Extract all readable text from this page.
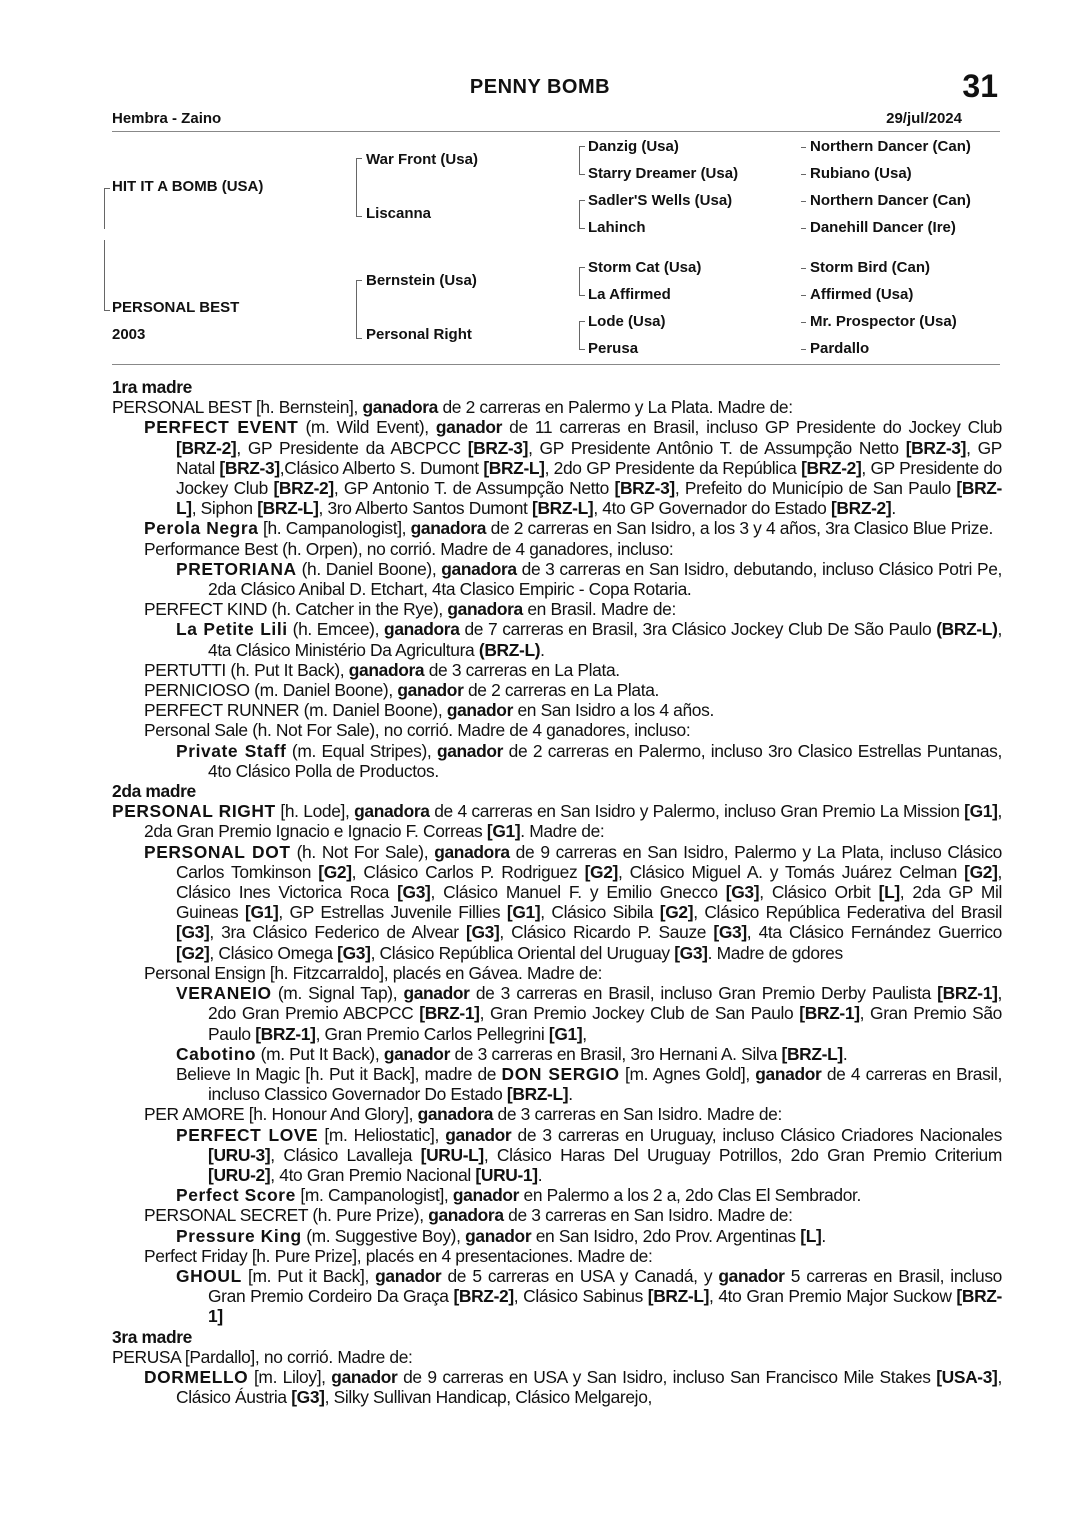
PENNY BOMB	31
Hembra - Zaino	29/jul/2024
HIT IT A BOMB (USA)
PERSONAL BEST
2003
War Front (Usa)
Liscanna
Bernstein (Usa)
Personal Right
Danzig (Usa)
Starry Dreamer (Usa)
Sadler'S Wells (Usa)
Lahinch
Storm Cat (Usa)
La Affirmed
Lode (Usa)
Perusa
Northern Dancer (Can)
Rubiano (Usa)
Northern Dancer (Can)
Danehill Dancer (Ire)
Storm Bird (Can)
Affirmed (Usa)
Mr. Prospector (Usa)
Pardallo
1ra madre

PERSONAL BEST [h. Bernstein], ganadora de 2 carreras en Palermo y La Plata. Madre de:

PERFECT EVENT (m. Wild Event), ganador de 11 carreras en Brasil, incluso GP Presidente do Jockey Club [BRZ-2], GP Presidente da ABCPCC [BRZ-3], GP Presidente Antônio T. de Assumpção Netto [BRZ-3], GP Natal [BRZ-3],Clásico Alberto S. Dumont [BRZ-L], 2do GP Presidente da República [BRZ-2], GP Presidente do Jockey Club [BRZ-2], GP Antonio T. de Assumpção Netto [BRZ-3], Prefeito do Município de San Paulo [BRZ-L], Siphon [BRZ-L], 3ro Alberto Santos Dumont [BRZ-L], 4to GP Governador do Estado [BRZ-2].

Perola Negra [h. Campanologist], ganadora de 2 carreras en San Isidro, a los 3 y 4 años, 3ra Clasico Blue Prize.

Performance Best (h. Orpen), no corrió. Madre de 4 ganadores, incluso:

PRETORIANA (h. Daniel Boone), ganadora de 3 carreras en San Isidro, debutando, incluso Clásico Potri Pe, 2da Clásico Anibal D. Etchart, 4ta Clasico Empiric - Copa Rotaria.

PERFECT KIND (h. Catcher in the Rye), ganadora en Brasil. Madre de:

La Petite Lili (h. Emcee), ganadora de 7 carreras en Brasil, 3ra Clásico Jockey Club De São Paulo (BRZ-L), 4ta Clásico Ministério Da Agricultura (BRZ-L).

PERTUTTI (h. Put It Back), ganadora de 3 carreras en La Plata.

PERNICIOSO (m. Daniel Boone), ganador de 2 carreras en La Plata.

PERFECT RUNNER (m. Daniel Boone), ganador en San Isidro a los 4 años.

Personal Sale (h. Not For Sale), no corrió. Madre de 4 ganadores, incluso:

Private Staff (m. Equal Stripes), ganador de 2 carreras en Palermo, incluso 3ro Clasico Estrellas Puntanas, 4to Clásico Polla de Productos.

2da madre

PERSONAL RIGHT [h. Lode], ganadora de 4 carreras en San Isidro y Palermo, incluso Gran Premio La Mission [G1], 2da Gran Premio Ignacio e Ignacio F. Correas [G1]. Madre de:

PERSONAL DOT (h. Not For Sale), ganadora de 9 carreras en San Isidro, Palermo y La Plata, incluso Clásico Carlos Tomkinson [G2], Clásico Carlos P. Rodriguez [G2], Clásico Miguel A. y Tomás Juárez Celman [G2], Clásico Ines Victorica Roca [G3], Clásico Manuel F. y Emilio Gnecco [G3], Clásico Orbit [L], 2da GP Mil Guineas [G1], GP Estrellas Juvenile Fillies [G1], Clásico Sibila [G2], Clásico República Federativa del Brasil [G3], 3ra Clásico Federico de Alvear [G3], Clásico Ricardo P. Sauze [G3], 4ta Clásico Fernández Guerrico [G2], Clásico Omega [G3], Clásico República Oriental del Uruguay [G3]. Madre de gdores

Personal Ensign [h. Fitzcarraldo], placés en Gávea. Madre de:

VERANEIO (m. Signal Tap), ganador de 3 carreras en Brasil, incluso Gran Premio Derby Paulista [BRZ-1], 2do Gran Premio ABCPCC [BRZ-1], Gran Premio Jockey Club de San Paulo [BRZ-1], Gran Premio São Paulo [BRZ-1], Gran Premio Carlos Pellegrini [G1],

Cabotino (m. Put It Back), ganador de 3 carreras en Brasil, 3ro Hernani A. Silva [BRZ-L].

Believe In Magic [h. Put it Back], madre de DON SERGIO [m. Agnes Gold], ganador de 4 carreras en Brasil, incluso Classico Governador Do Estado [BRZ-L].

PER AMORE [h. Honour And Glory], ganadora de 3 carreras en San Isidro. Madre de:

PERFECT LOVE [m. Heliostatic], ganador de 3 carreras en Uruguay, incluso Clásico Criadores Nacionales [URU-3], Clásico Lavalleja [URU-L], Clásico Haras Del Uruguay Potrillos, 2do Gran Premio Criterium [URU-2], 4to Gran Premio Nacional [URU-1].

Perfect Score [m. Campanologist], ganador en Palermo a los 2 a, 2do Clas El Sembrador.

PERSONAL SECRET (h. Pure Prize), ganadora de 3 carreras en San Isidro. Madre de:

Pressure King (m. Suggestive Boy), ganador en San Isidro, 2do Prov. Argentinas [L].

Perfect Friday [h. Pure Prize], placés en 4 presentaciones. Madre de:

GHOUL [m. Put it Back], ganador de 5 carreras en USA y Canadá, y ganador 5 carreras en Brasil, incluso Gran Premio Cordeiro Da Graça [BRZ-2], Clásico Sabinus [BRZ-L], 4to Gran Premio Major Suckow [BRZ-1]

3ra madre

PERUSA [Pardallo], no corrió. Madre de:

DORMELLO [m. Liloy], ganador de 9 carreras en USA y San Isidro, incluso San Francisco Mile Stakes [USA-3], Clásico Áustria [G3], Silky Sullivan Handicap, Clásico Melgarejo,
